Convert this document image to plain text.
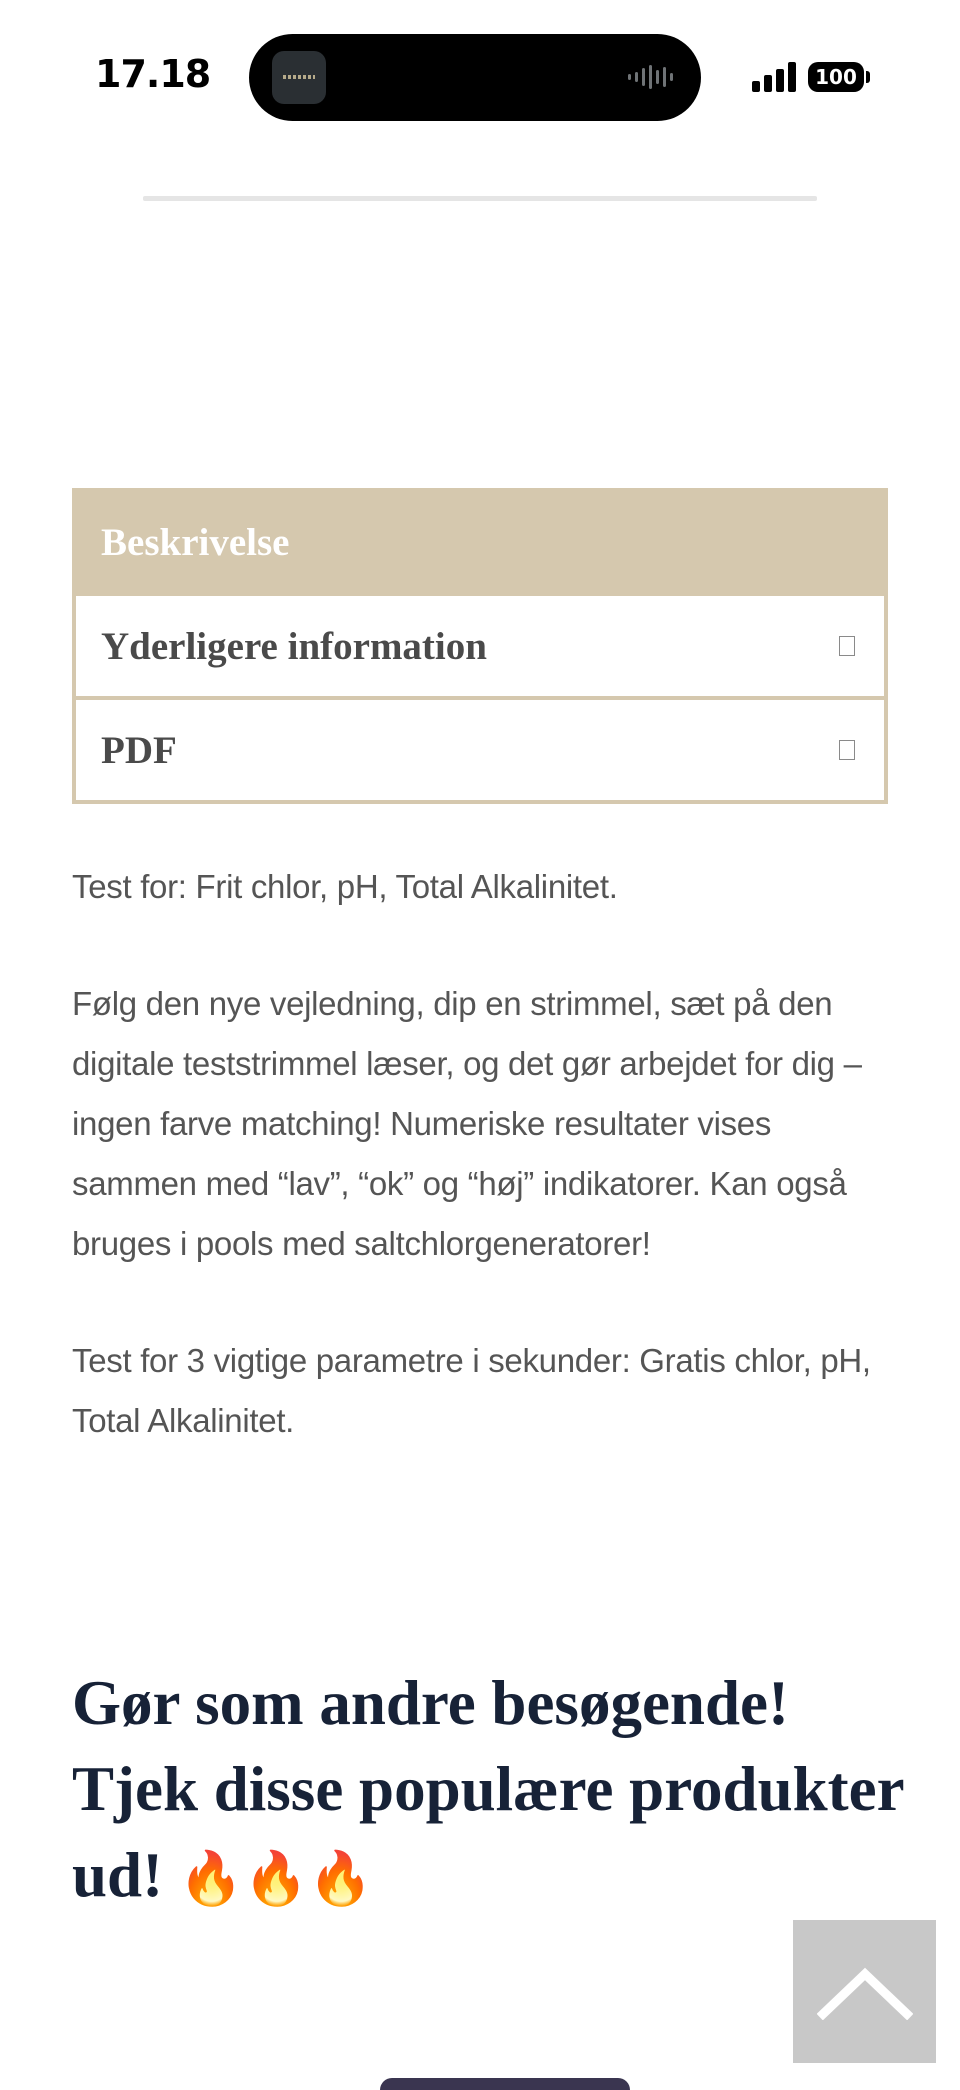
17.18	100
Beskrivelse
Yderligere information
PDF

Test for: Frit chlor, pH, Total Alkalinitet.

Følg den nye vejledning, dip en strimmel, sæt på den digitale teststrimmel læser, og det gør arbejdet for dig – ingen farve matching! Numeriske resultater vises sammen med “lav”, “ok” og “høj” indikatorer. Kan også bruges i pools med saltchlorgeneratorer!

Test for 3 vigtige parametre i sekunder: Gratis chlor, pH, Total Alkalinitet.

Gør som andre besøgende! Tjek disse populære produkter ud! 🔥🔥🔥
